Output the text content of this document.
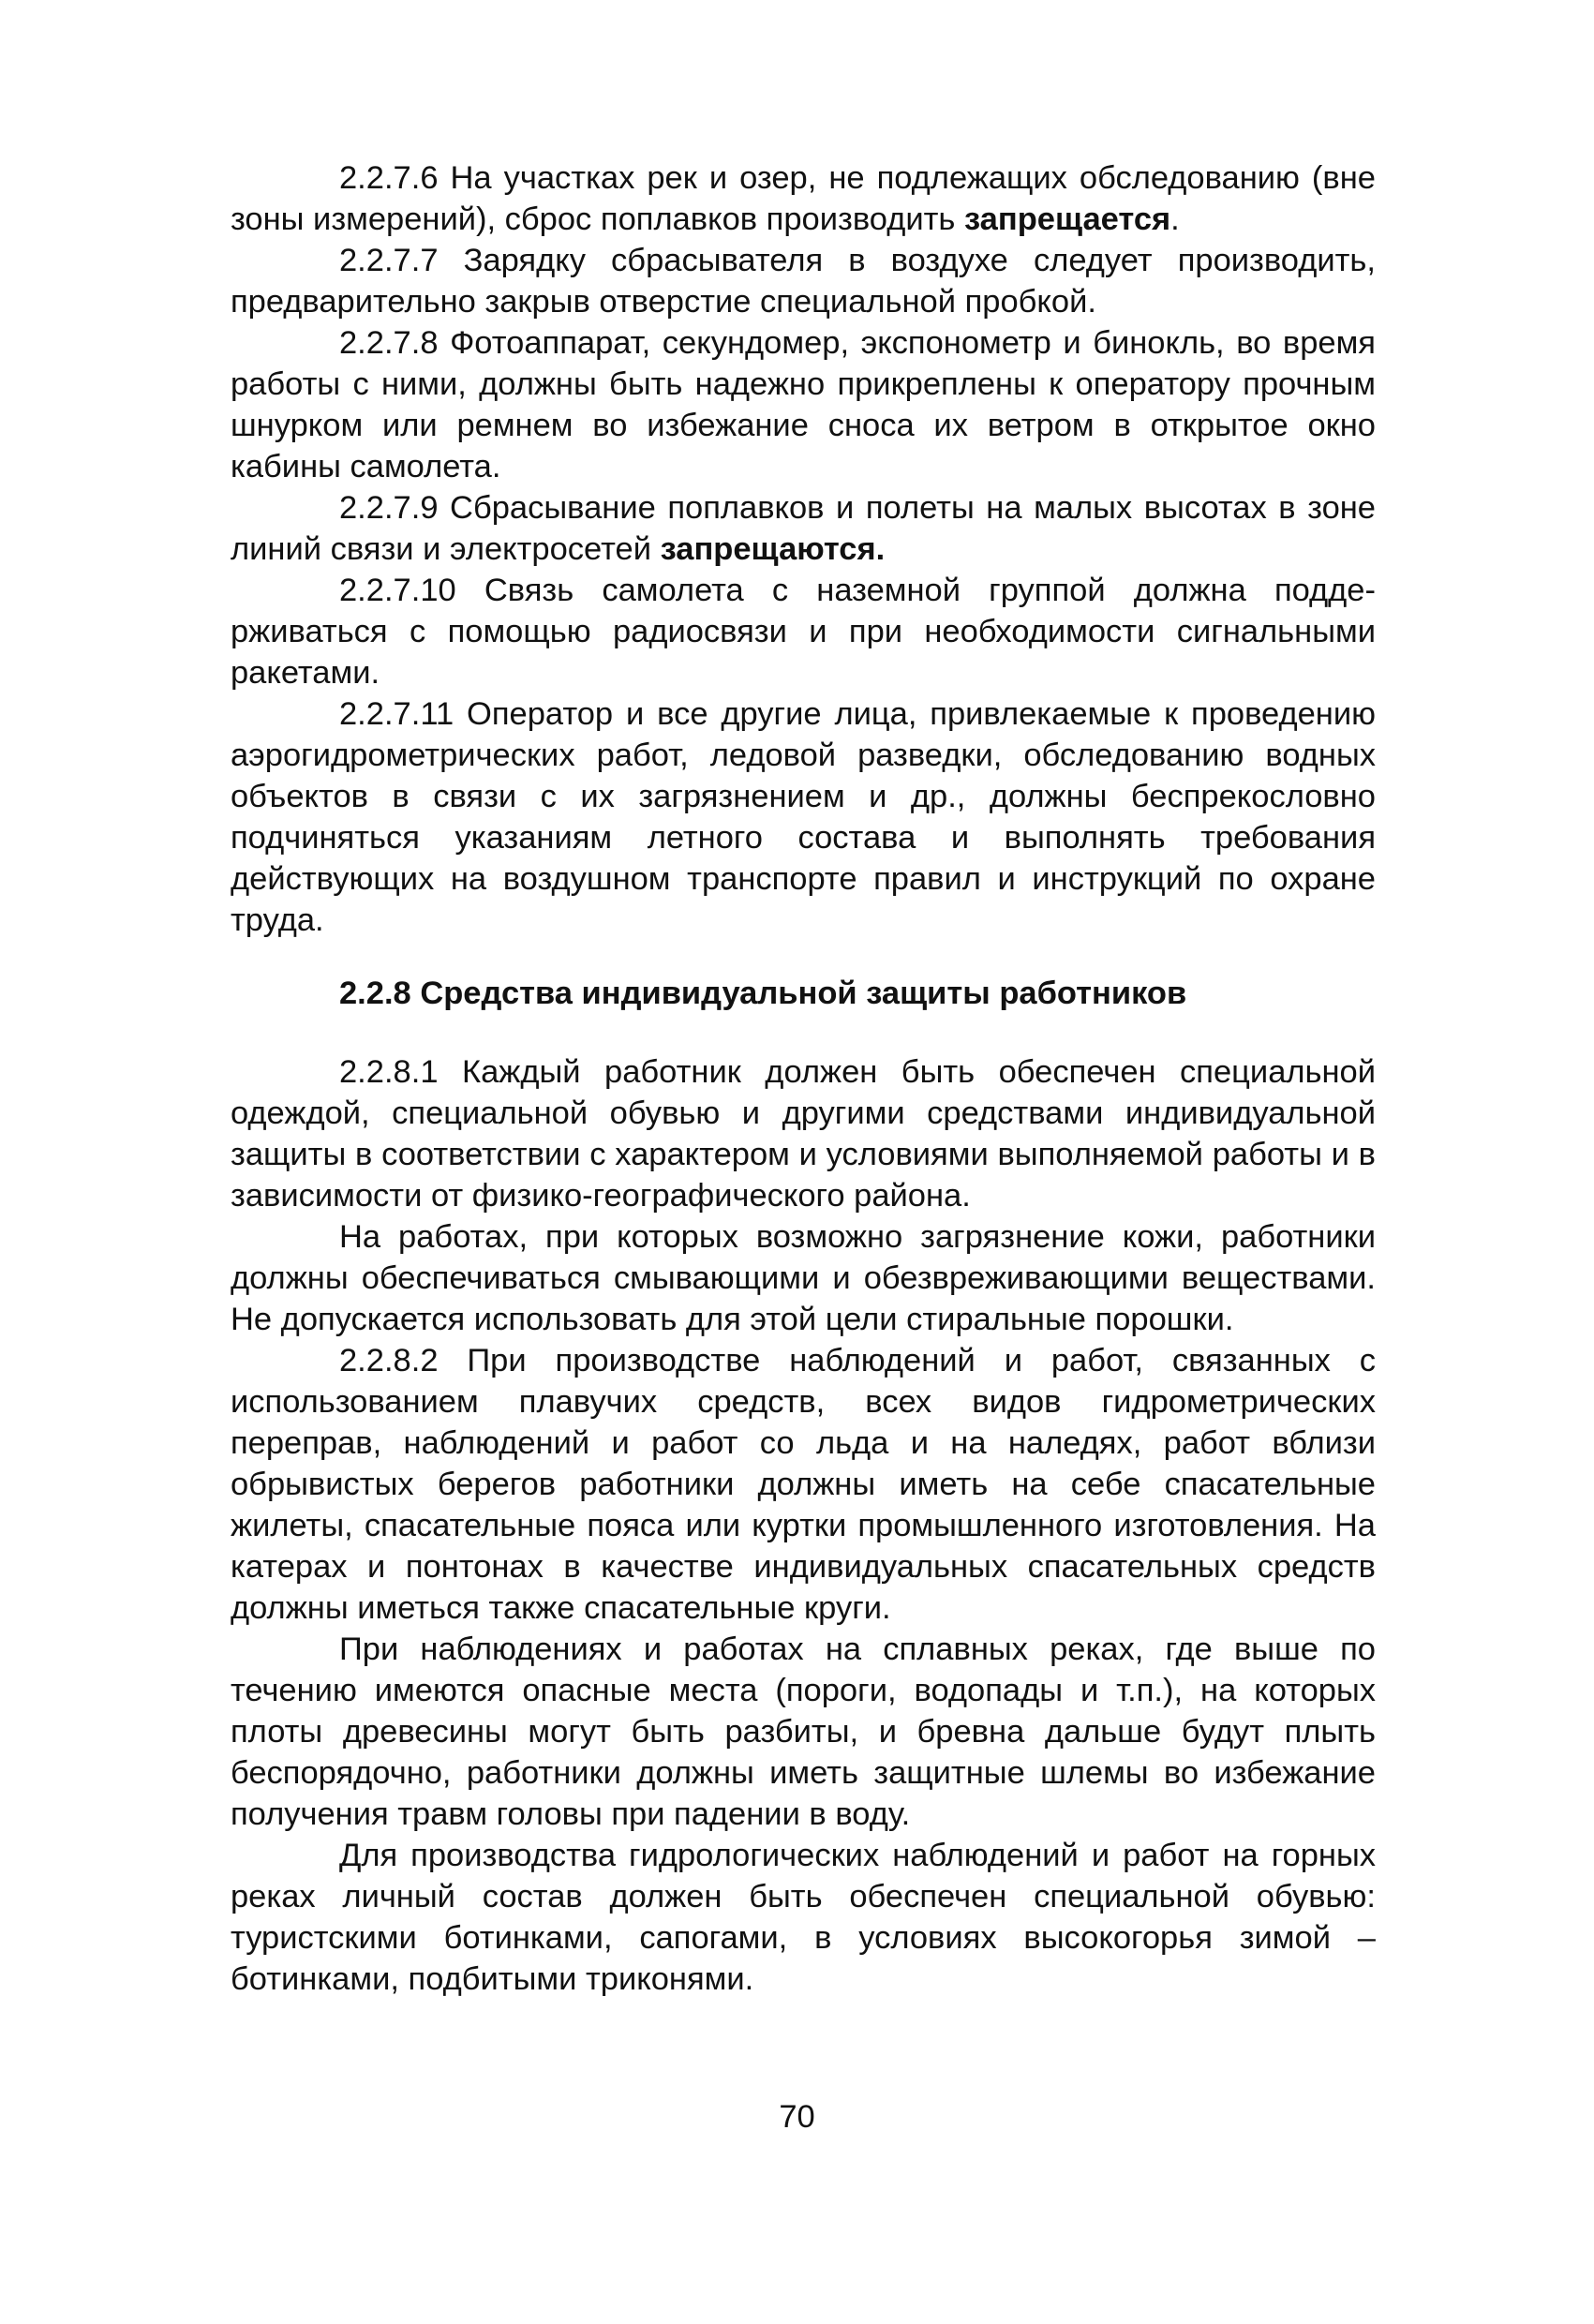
2.2.7.6 На участках рек и озер, не подлежащих обследованию (вне зоны измерений), сброс поплавков производить запрещается.

2.2.7.7 Зарядку сбрасывателя в воздухе следует производить, предварительно закрыв отверстие специальной пробкой.

2.2.7.8 Фотоаппарат, секундомер, экспонометр и бинокль, во время работы с ними, должны быть надежно прикреплены к оператору прочным шнурком или ремнем во избежание сноса их ветром в открытое окно кабины самолета.

2.2.7.9 Сбрасывание поплавков и полеты на малых высотах в зоне линий связи и электросетей запрещаются.

2.2.7.10 Связь самолета с наземной группой должна поддерживаться с помощью радиосвязи и при необходимости сигнальными ракетами.

2.2.7.11 Оператор и все другие лица, привлекаемые к проведению аэрогидрометрических работ, ледовой разведки, обследованию водных объектов в связи с их загрязнением и др., должны беспрекословно подчиняться указаниям летного состава и выполнять требования действующих на воздушном транспорте правил и инструкций по охране труда.

2.2.8 Средства индивидуальной защиты работников

2.2.8.1 Каждый работник должен быть обеспечен специальной одеждой, специальной обувью и другими средствами индивидуальной защиты в соответствии с характером и условиями выполняемой работы и в зависимости от физико-географического района.

На работах, при которых возможно загрязнение кожи, работники должны обеспечиваться смывающими и обезвреживающими веществами. Не допускается использовать для этой цели стиральные порошки.

2.2.8.2 При производстве наблюдений и работ, связанных с использованием плавучих средств, всех видов гидрометрических переправ, наблюдений и работ со льда и на наледях, работ вблизи обрывистых берегов работники должны иметь на себе спасательные жилеты, спасательные пояса или куртки промышленного изготовления. На катерах и понтонах в качестве индивидуальных спасательных средств должны иметься также спасательные круги.

При наблюдениях и работах на сплавных реках, где выше по течению имеются опасные места (пороги, водопады и т.п.), на которых плоты древесины могут быть разбиты, и бревна дальше будут плыть беспорядочно, работники должны иметь защитные шлемы во избежание получения травм головы при падении в воду.

Для производства гидрологических наблюдений и работ на горных реках личный состав должен быть обеспечен специальной обувью: туристскими ботинками, сапогами, в условиях высокогорья зимой – ботинками, подбитыми триконями.

70
